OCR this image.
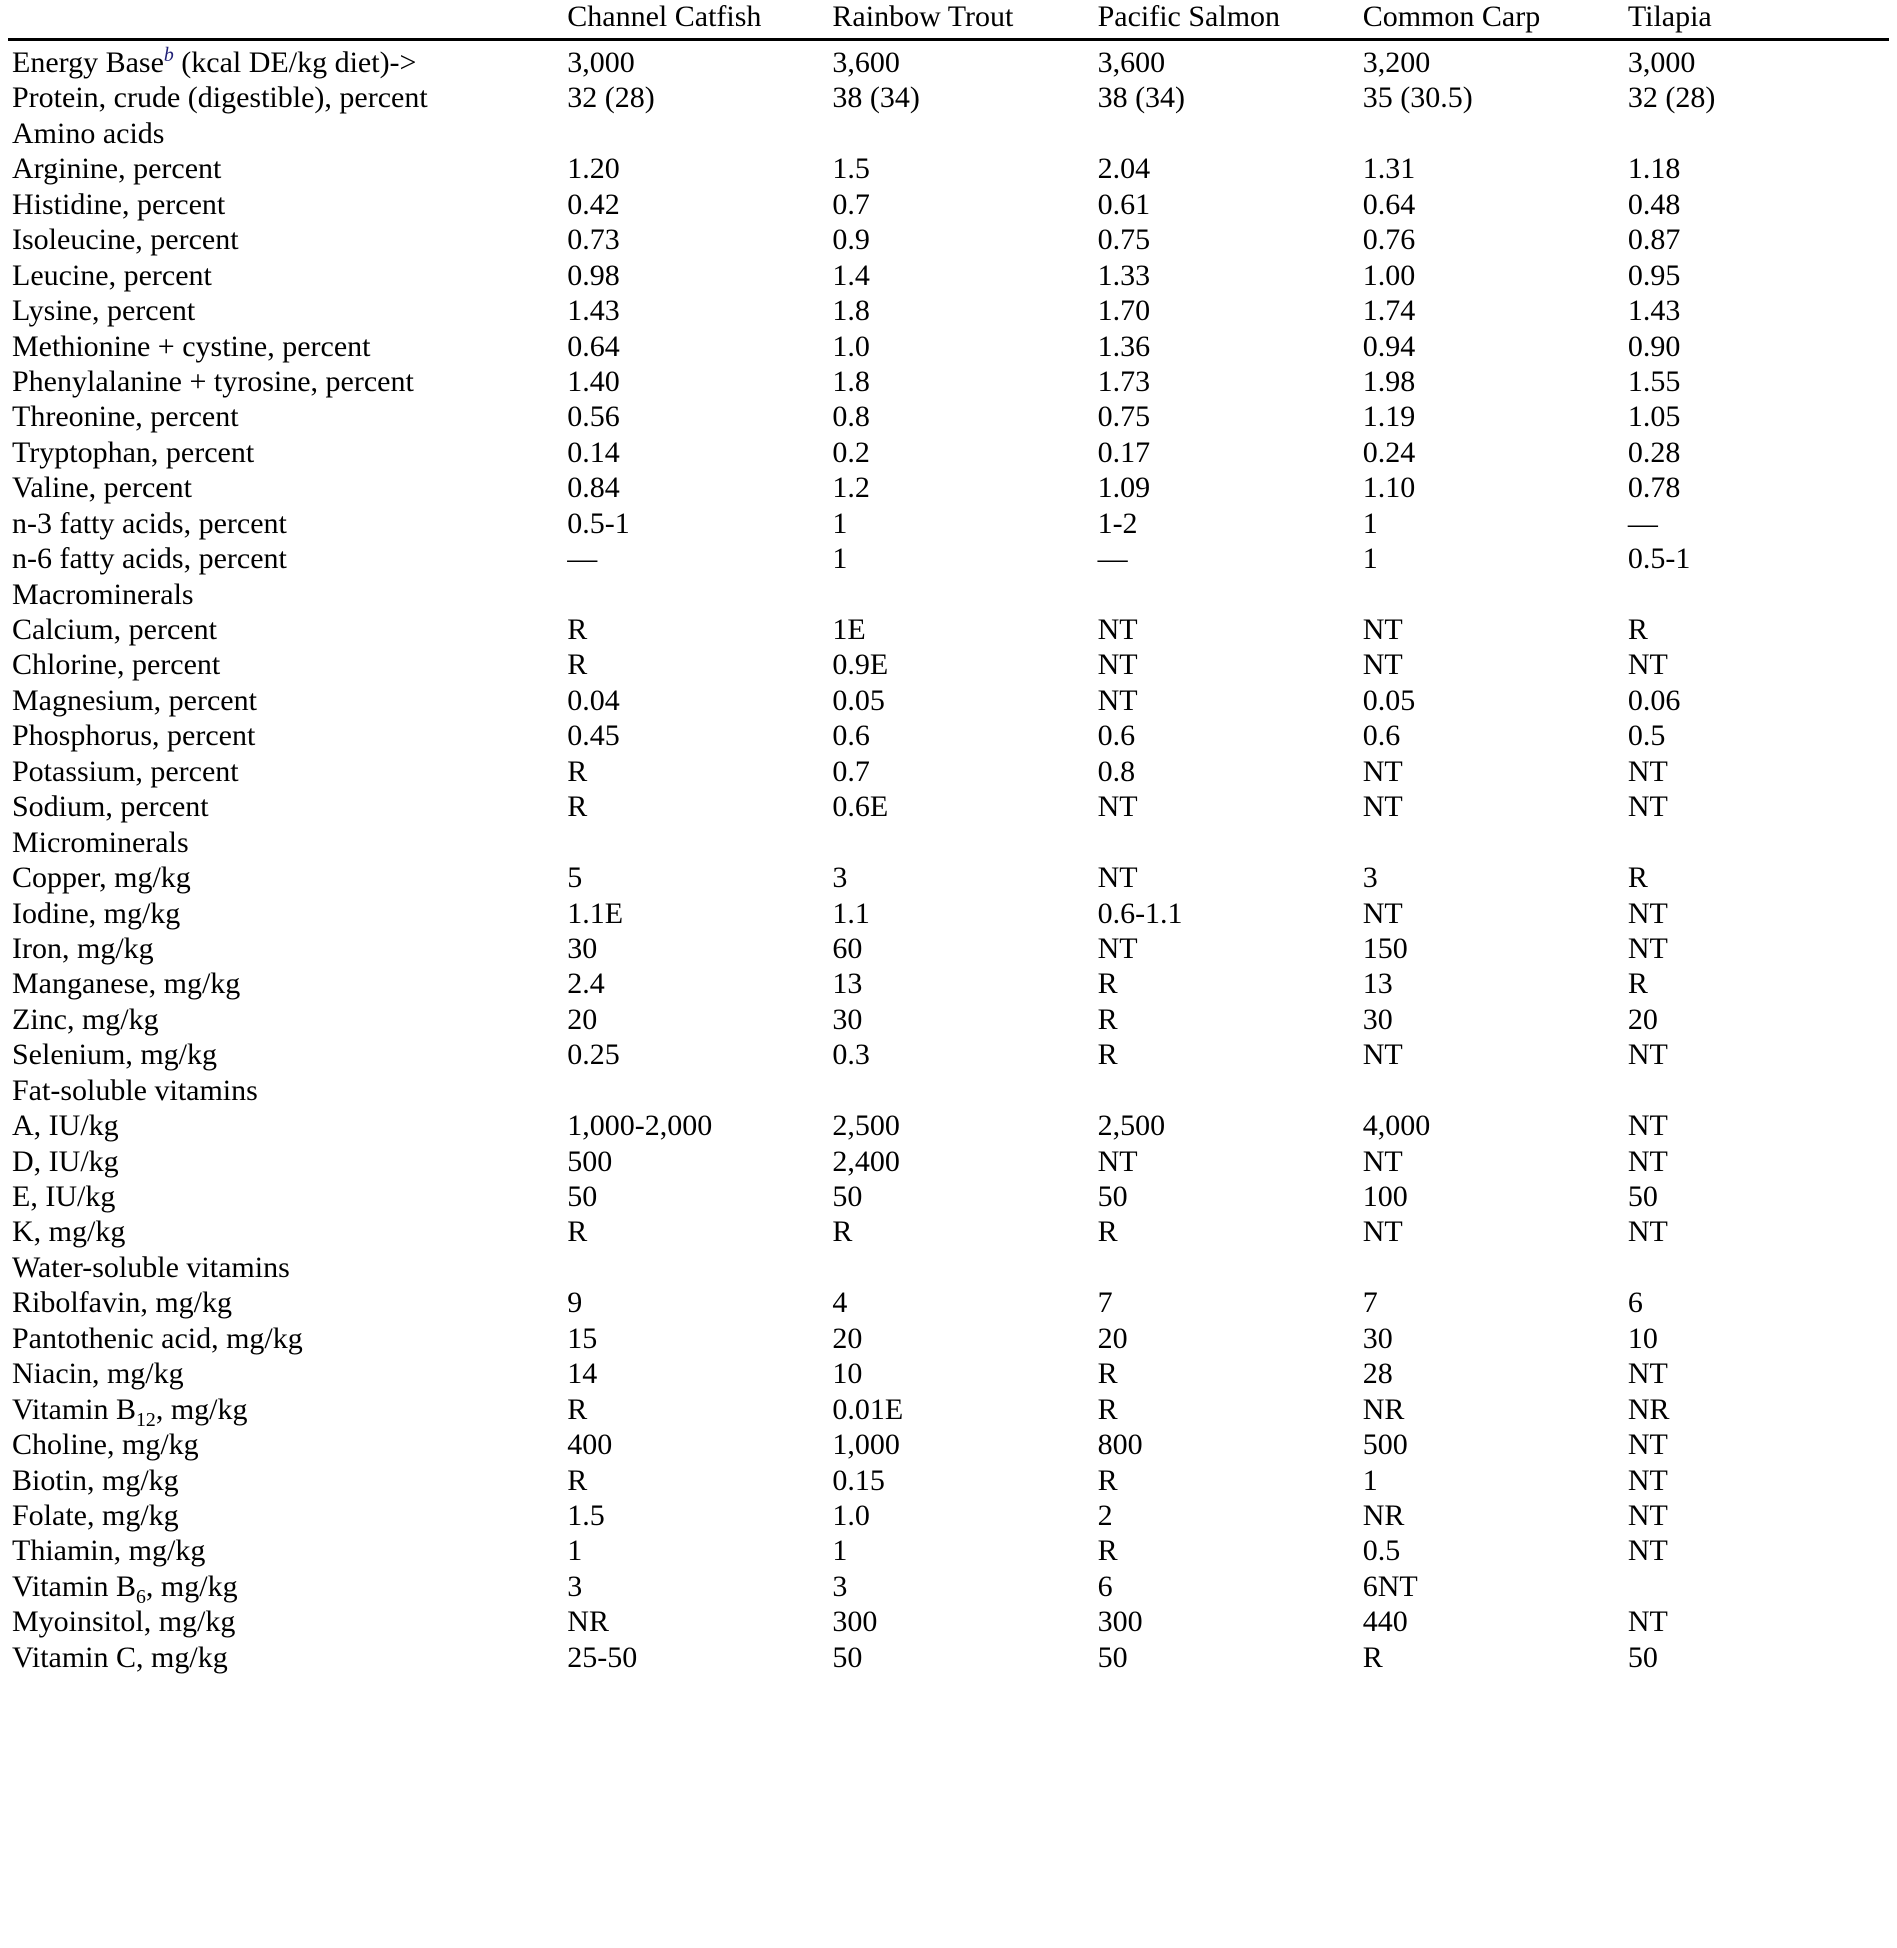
	Channel Catfish	Rainbow Trout	Pacific Salmon	Common Carp	Tilapia
Energy Base$^b$ (kcal DE/kg diet)->	3,000	3,600	3,600	3,200	3,000
Protein, crude (digestible), percent	32 (28)	38 (34)	38 (34)	35 (30.5)	32 (28)
Amino acids					
Arginine, percent	1.20	1.5	2.04	1.31	1.18
Histidine, percent	0.42	0.7	0.61	0.64	0.48
Isoleucine, percent	0.73	0.9	0.75	0.76	0.87
Leucine, percent	0.98	1.4	1.33	1.00	0.95
Lysine, percent	1.43	1.8	1.70	1.74	1.43
Methionine + cystine, percent	0.64	1.0	1.36	0.94	0.90
Phenylalanine + tyrosine, percent	1.40	1.8	1.73	1.98	1.55
Threonine, percent	0.56	0.8	0.75	1.19	1.05
Tryptophan, percent	0.14	0.2	0.17	0.24	0.28
Valine, percent	0.84	1.2	1.09	1.10	0.78
n-3 fatty acids, percent	0.5-1	1	1-2	1	—
n-6 fatty acids, percent	—	1	—	1	0.5-1
Macrominerals					
Calcium, percent	R	1E	NT	NT	R
Chlorine, percent	R	0.9E	NT	NT	NT
Magnesium, percent	0.04	0.05	NT	0.05	0.06
Phosphorus, percent	0.45	0.6	0.6	0.6	0.5
Potassium, percent	R	0.7	0.8	NT	NT
Sodium, percent	R	0.6E	NT	NT	NT
Microminerals					
Copper, mg/kg	5	3	NT	3	R
Iodine, mg/kg	1.1E	1.1	0.6-1.1	NT	NT
Iron, mg/kg	30	60	NT	150	NT
Manganese, mg/kg	2.4	13	R	13	R
Zinc, mg/kg	20	30	R	30	20
Selenium, mg/kg	0.25	0.3	R	NT	NT
Fat-soluble vitamins					
A, IU/kg	1,000-2,000	2,500	2,500	4,000	NT
D, IU/kg	500	2,400	NT	NT	NT
E, IU/kg	50	50	50	100	50
K, mg/kg	R	R	R	NT	NT
Water-soluble vitamins					
Ribolfavin, mg/kg	9	4	7	7	6
Pantothenic acid, mg/kg	15	20	20	30	10
Niacin, mg/kg	14	10	R	28	NT
Vitamin $B_{12}$, mg/kg	R	0.01E	R	NR	NR
Choline, mg/kg	400	1,000	800	500	NT
Biotin, mg/kg	R	0.15	R	1	NT
Folate, mg/kg	1.5	1.0	2	NR	NT
Thiamin, mg/kg	1	1	R	0.5	NT
Vitamin $B_6$, mg/kg	3	3	6	6NT	
Myoinsitol, mg/kg	NR	300	300	440	NT
Vitamin C, mg/kg	25-50	50	50	R	50
